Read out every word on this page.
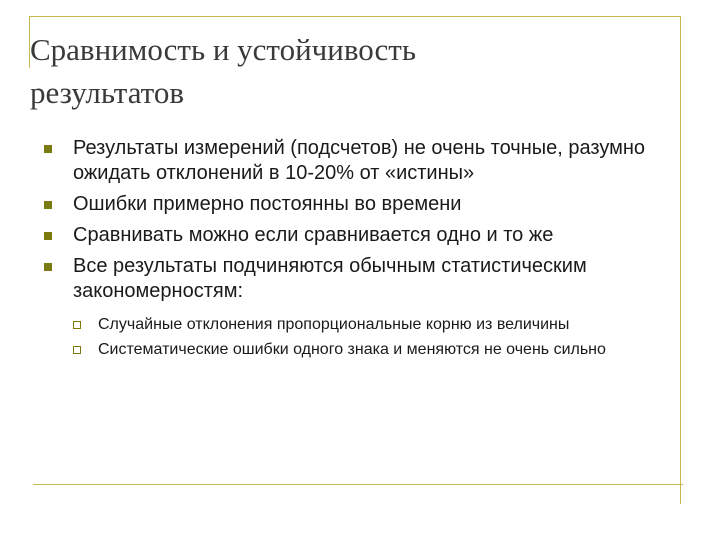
Сравнимость и устойчивость результатов
Результаты измерений (подсчетов) не очень точные, разумно ожидать отклонений в 10-20% от «истины»
Ошибки примерно постоянны во времени
Сравнивать можно если сравнивается одно и то же
Все результаты подчиняются обычным статистическим закономерностям:
Случайные отклонения пропорциональные корню из величины
Систематические ошибки одного знака и меняются не очень сильно
